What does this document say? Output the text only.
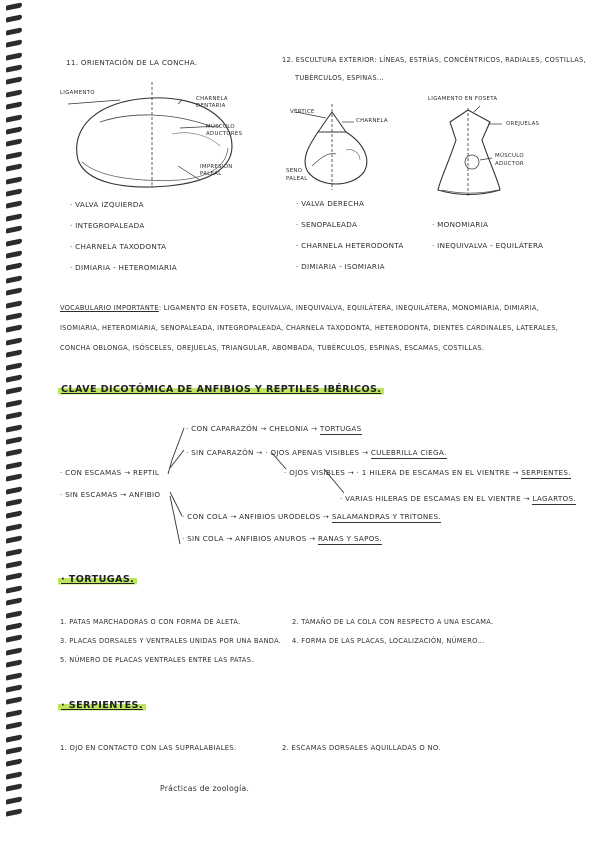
11. ORIENTACIÓN DE LA CONCHA.
LIGAMENTO
CHARNELA DENTARIA
MÚSCULO ADUCTORES
IMPRESIÓN PALEAL
· VALVA IZQUIERDA
· INTEGROPALEADA
· CHARNELA TAXODONTA
· DIMIARIA - HETEROMIARIA
12. ESCULTURA EXTERIOR: LÍNEAS, ESTRÍAS, CONCÉNTRICOS, RADIALES, COSTILLAS,
TUBÉRCULOS, ESPINAS...
VÉRTICE
CHARNELA
SENO
PALEAL
LIGAMENTO EN FOSETA
OREJUELAS
MÚSCULO
ADUCTOR
· VALVA DERECHA
· SENOPALEADA
· CHARNELA HETERODONTA
· DIMIARIA - ISOMIARIA
· MONOMIARIA
· INEQUIVALVA - EQUILÁTERA
VOCABULARIO IMPORTANTE: LIGAMENTO EN FOSETA, EQUIVALVA, INEQUIVALVA, EQUILÁTERA, INEQUILÁTERA, MONOMIARIA, DIMIARIA,
ISOMIARIA, HETEROMIARIA, SENOPALEADA, INTEGROPALEADA, CHARNELA TAXODONTA, HETERODONTA, DIENTES CARDINALES, LATERALES,
CONCHA OBLONGA, ISÓSCELES, OREJUELAS, TRIANGULAR, ABOMBADA, TUBÉRCULOS, ESPINAS, ESCAMAS, COSTILLAS.
CLAVE DICOTÓMICA DE ANFIBIOS Y REPTILES IBÉRICOS.
· CON CAPARAZÓN → CHELONIA → TORTUGAS
· SIN CAPARAZÓN → · OJOS APENAS VISIBLES → CULEBRILLA CIEGA.
· CON ESCAMAS → REPTIL	· OJOS VISIBLES → · 1 HILERA DE ESCAMAS EN EL VIENTRE → SERPIENTES.
· SIN ESCAMAS → ANFIBIO	· VARIAS HILERAS DE ESCAMAS EN EL VIENTRE → LAGARTOS.
· CON COLA → ANFIBIOS URODELOS → SALAMANDRAS Y TRITONES.
· SIN COLA → ANFIBIOS ANUROS → RANAS Y SAPOS.
· TORTUGAS.
1. PATAS MARCHADORAS O CON FORMA DE ALETA.	2. TAMAÑO DE LA COLA CON RESPECTO A UNA ESCAMA.
3. PLACAS DORSALES Y VENTRALES UNIDAS POR UNA BANDA. 4. FORMA DE LAS PLACAS, LOCALIZACIÓN, NÚMERO...
5. NÚMERO DE PLACAS VENTRALES ENTRE LAS PATAS.
· SERPIENTES.
1. OJO EN CONTACTO CON LAS SUPRALABIALES.	2. ESCAMAS DORSALES AQUILLADAS O NO.
Prácticas de zoología.
